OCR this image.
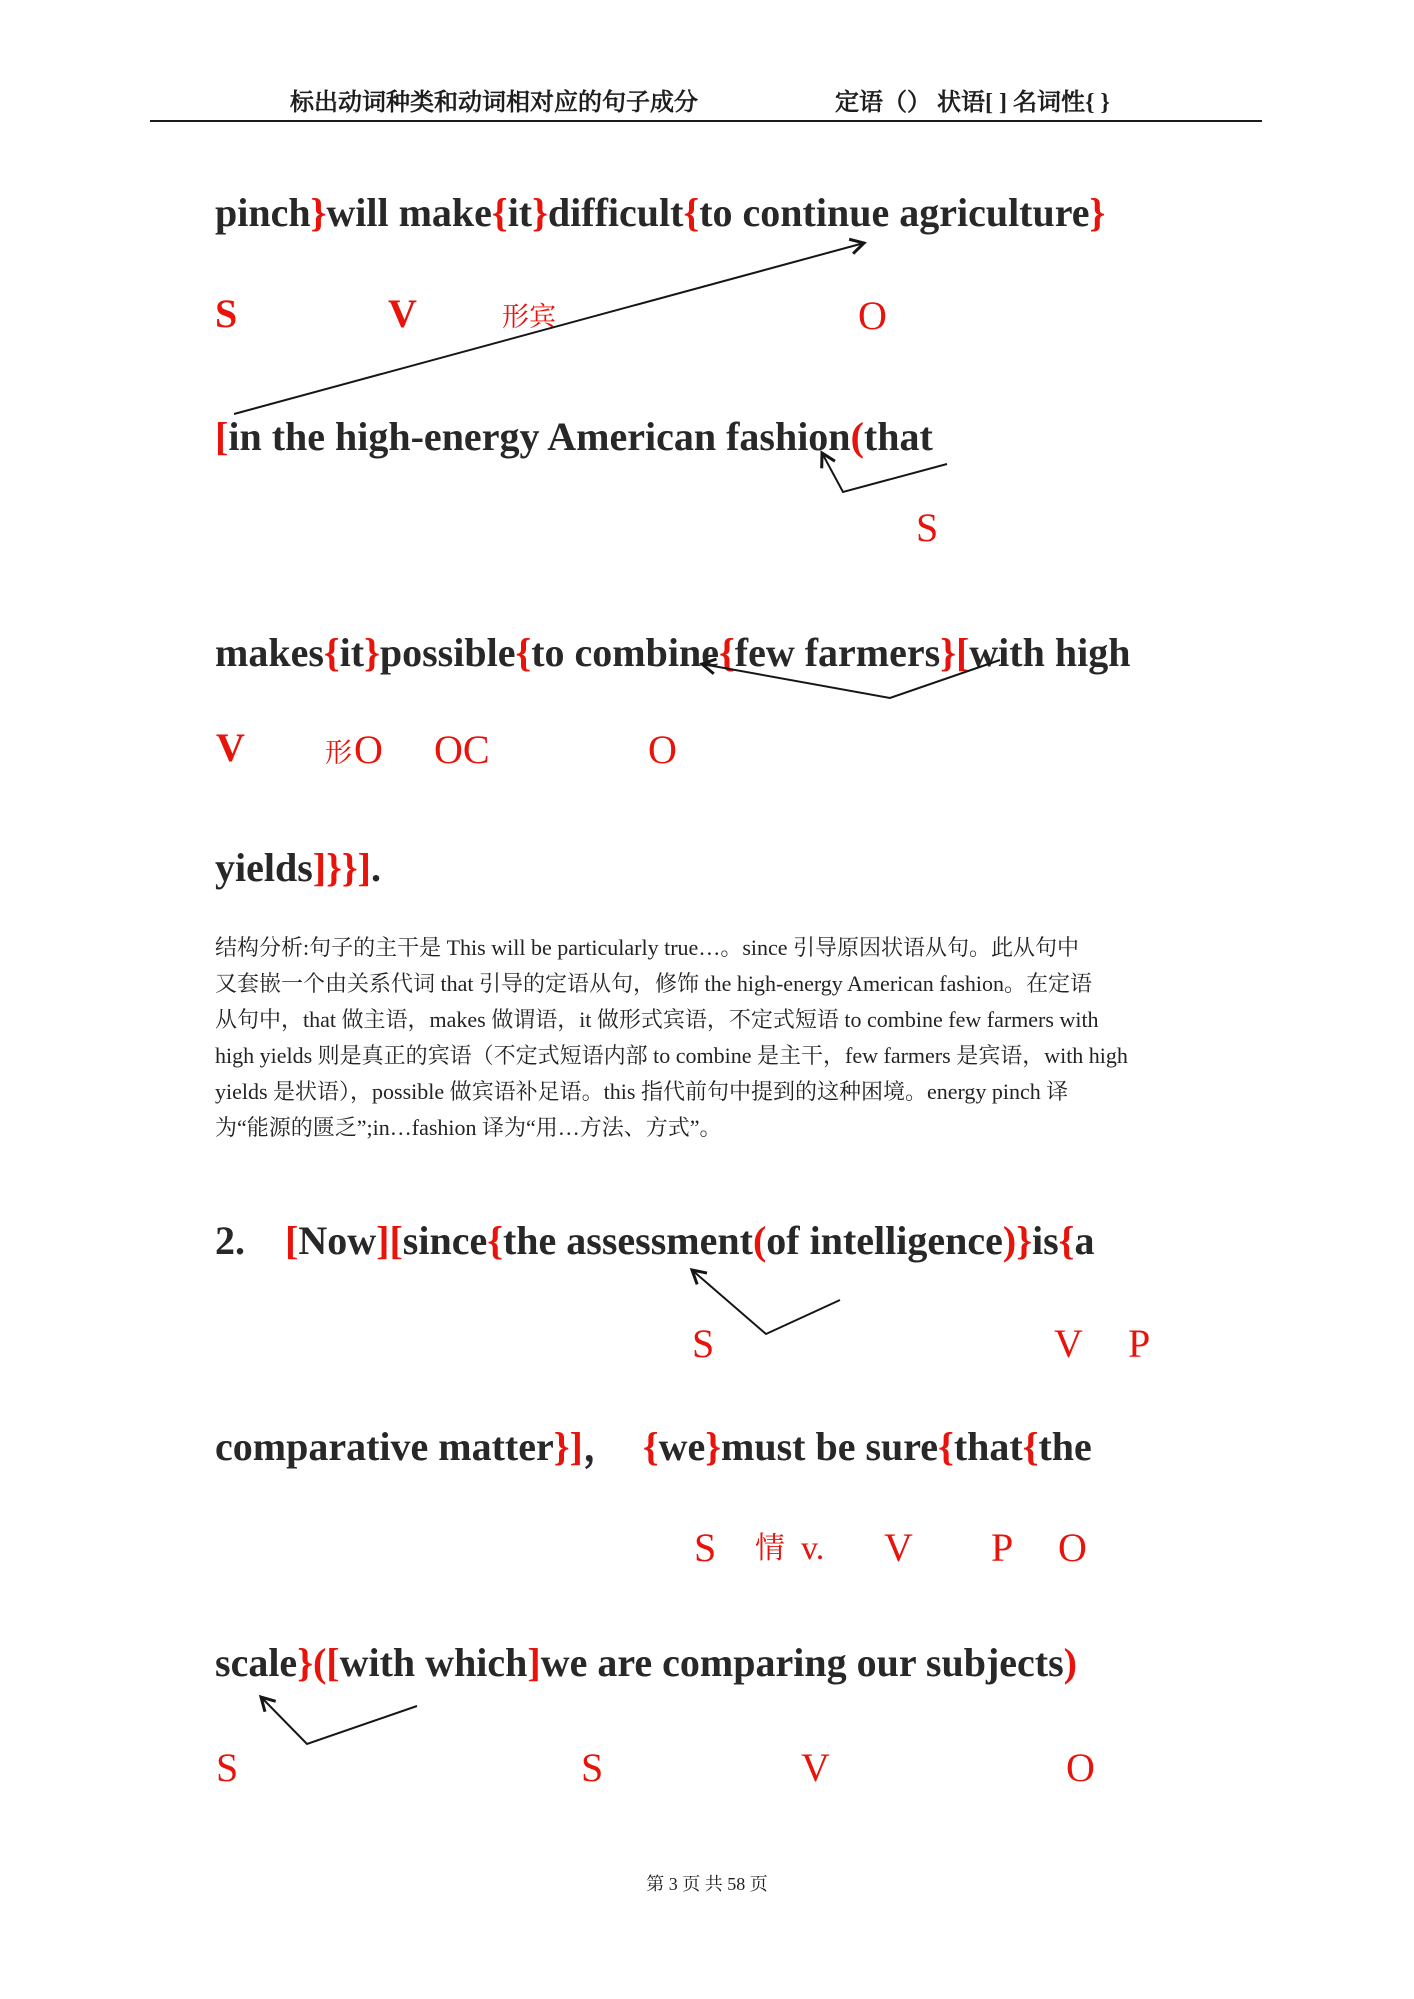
标出动词种类和动词相对应的句子成分	定语（） 状语[ ] 名词性{ }
pinch}will make{it}difficult{to continue agriculture}
S	V	形宾	O
[in the high-energy American fashion(that
S
makes{it}possible{to combine{few farmers}[with high
V	形 O OC	O
yields]}}].
结构分析:句子的主干是 This will be particularly true…。since 引导原因状语从句。此从句中
又套嵌一个由关系代词 that 引导的定语从句，修饰 the high-energy American fashion。在定语
从句中，that 做主语，makes 做谓语，it 做形式宾语，不定式短语 to combine few farmers with
high yields 则是真正的宾语（不定式短语内部 to combine 是主干，few farmers 是宾语，with high
yields 是状语），possible 做宾语补足语。this 指代前句中提到的这种困境。energy pinch 译
为“能源的匮乏”;in…fashion 译为“用…方法、方式”。
2. [Now][since{the assessment(of intelligence)}is{a
S	V P
comparative matter}]， {we}must be sure{that{the
S 情 v. V P O
scale}([with which]we are comparing our subjects)
S	S	V	O
第 3 页 共 58 页
